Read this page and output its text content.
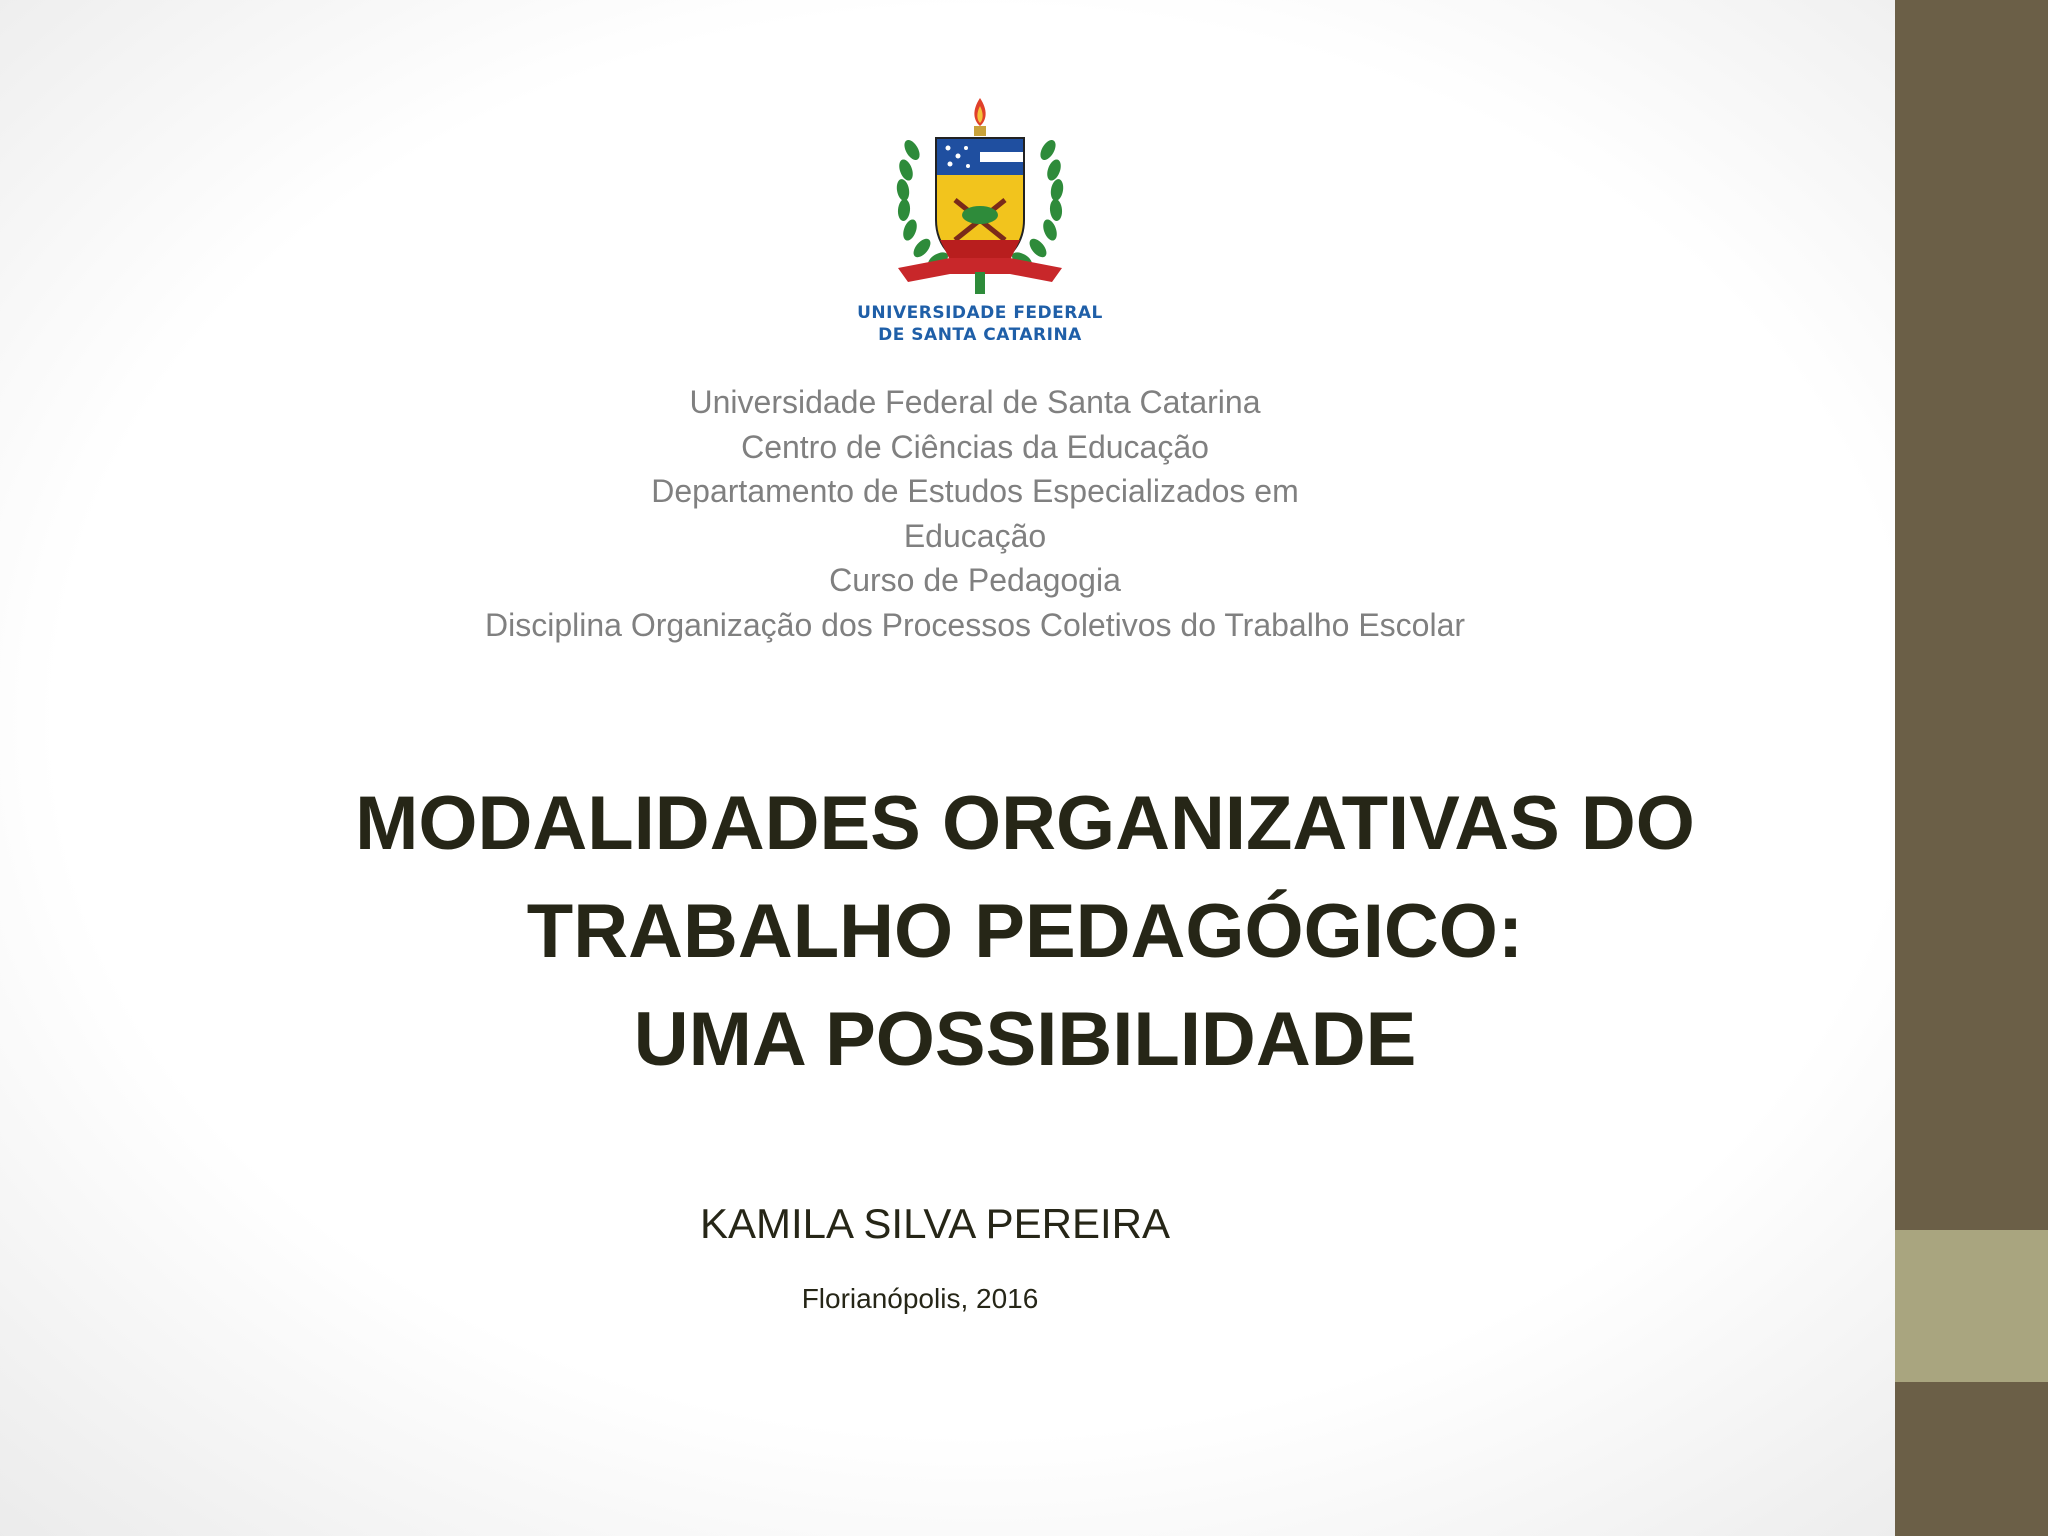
UNIVERSIDADE FEDERAL
DE SANTA CATARINA
Universidade Federal de Santa Catarina
Centro de Ciências da Educação
Departamento de Estudos Especializados em
Educação
Curso de Pedagogia
Disciplina Organização dos Processos Coletivos do Trabalho Escolar
MODALIDADES ORGANIZATIVAS DO
TRABALHO PEDAGÓGICO:
UMA POSSIBILIDADE
KAMILA SILVA PEREIRA
Florianópolis, 2016
